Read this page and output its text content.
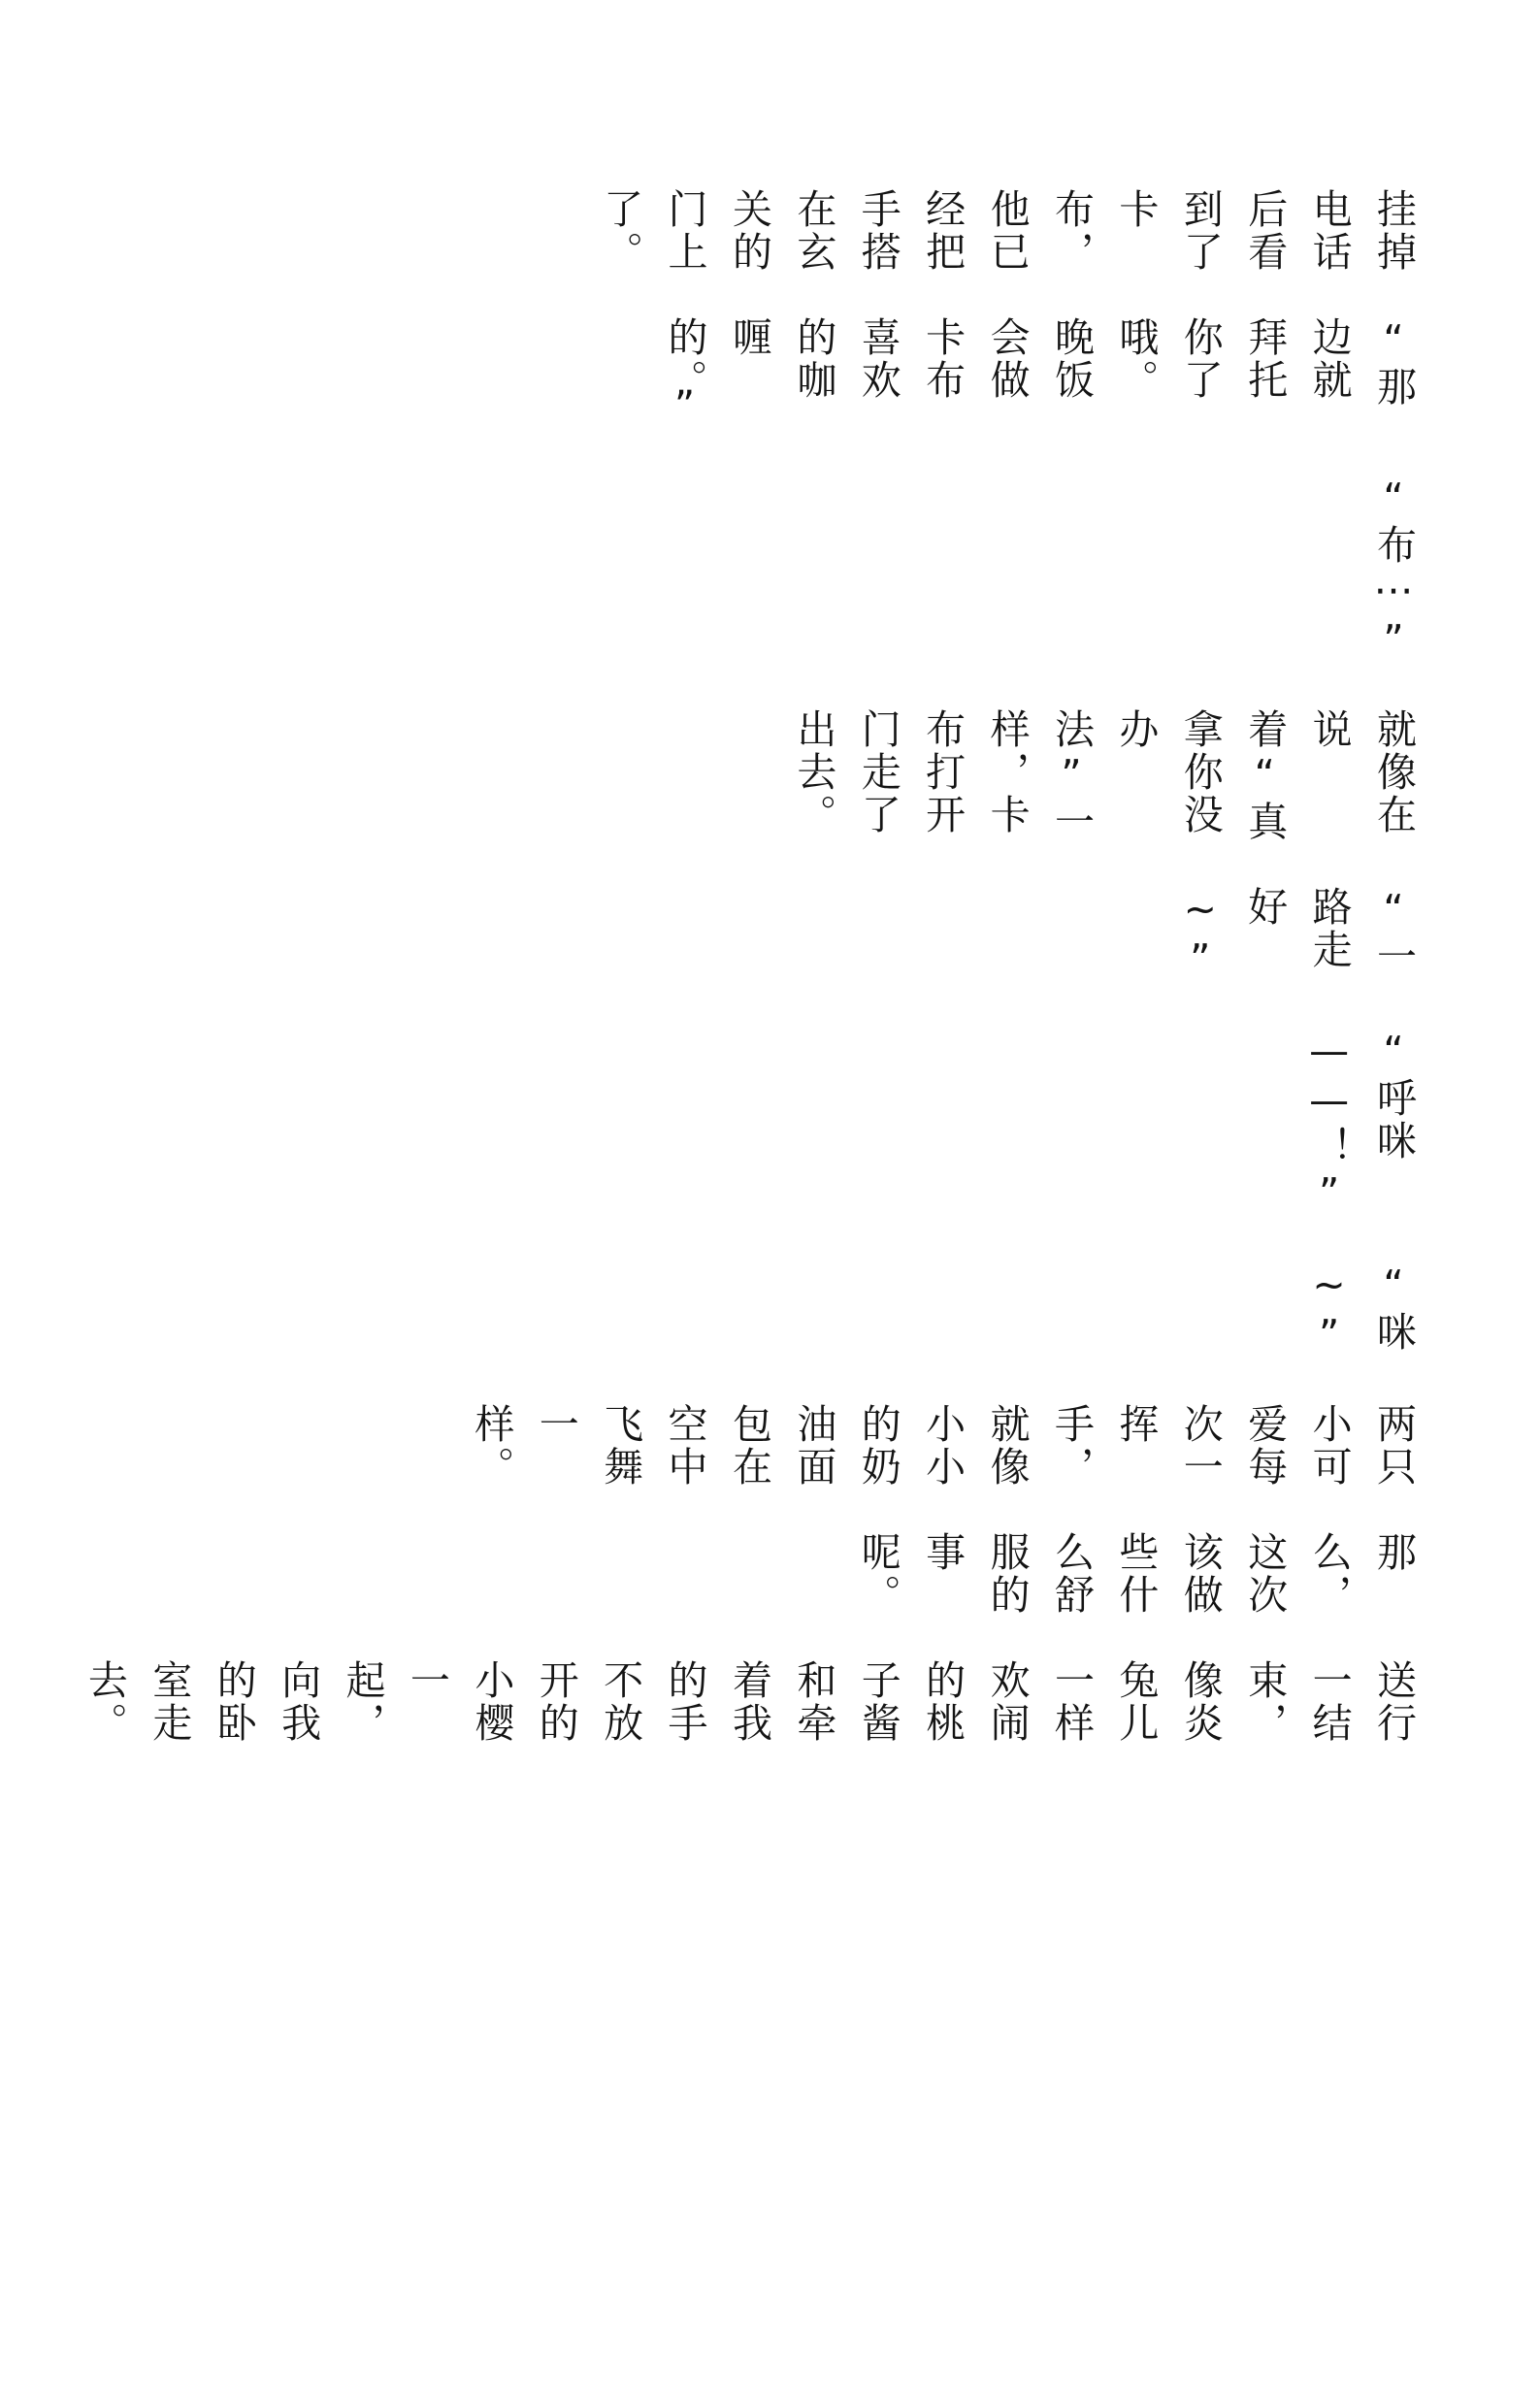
挂掉电话后看到了卡布，他已经把手搭在玄关的门上了。

“那边就拜托你了哦。 晚饭会做卡布喜欢的咖喱的。”

“布⋯”

就像在说着“真拿你没办法”一样，卡布打开门走了出去。

“一路走好~”

“呼咪——！”

“咪~”

两只小可爱每次一挥手，就像小小的奶油面包在空中飞舞一样。

那么，这次该做些什么舒服的事呢。

送行一结束，像炎兔儿一样欢闹的桃子酱和牵着我的手不放开的小樱一起，向我的卧室走去。
